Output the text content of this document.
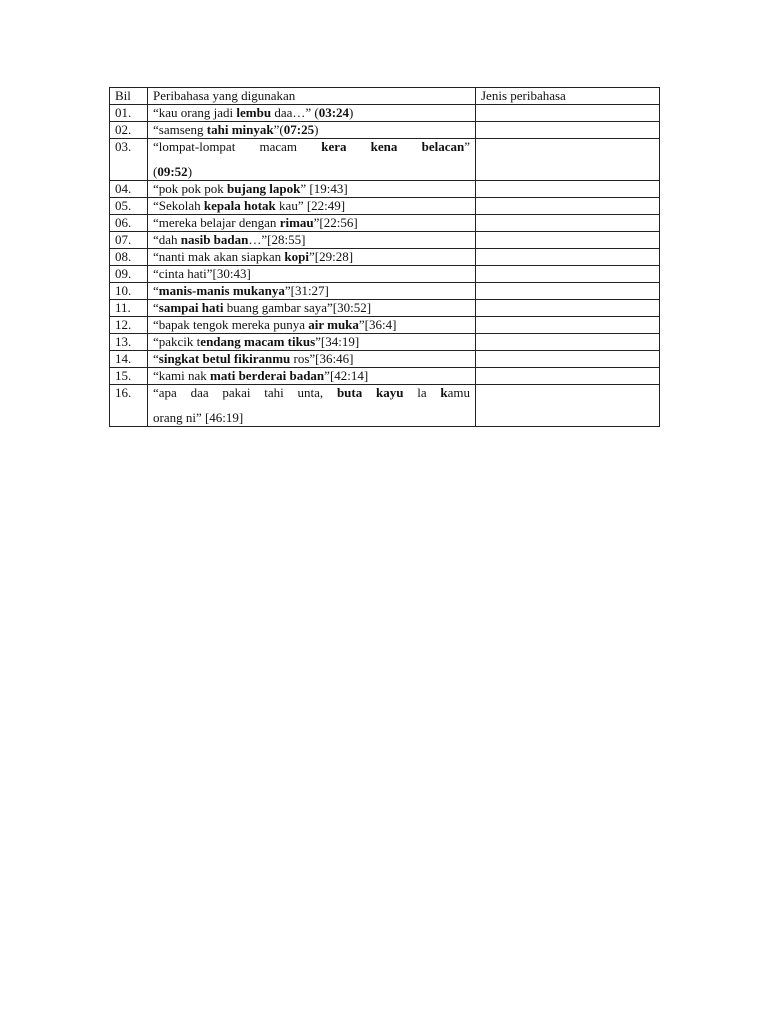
Bil	Peribahasa yang digunakan	Jenis peribahasa
01.	“kau orang jadi lembu daa…” (03:24)	
02.	“samseng tahi minyak”(07:25)	
03.	“lompat-lompat macam kera kena belacan”
(09:52)	

04.	“pok pok pok bujang lapok” [19:43]	
05.	“Sekolah kepala hotak kau” [22:49]	
06.	“mereka belajar dengan rimau”[22:56]	
07.	“dah nasib badan…”[28:55]	
08.	“nanti mak akan siapkan kopi”[29:28]	
09.	“cinta hati”[30:43]	
10.	“manis-manis mukanya”[31:27]	
11.	“sampai hati buang gambar saya”[30:52]	
12.	“bapak tengok mereka punya air muka”[36:4]	
13.	“pakcik tendang macam tikus”[34:19]	
14.	“singkat betul fikiranmu ros”[36:46]	
15.	“kami nak mati berderai badan”[42:14]	
16.	“apa daa pakai tahi unta, buta kayu la kamu
orang ni” [46:19]	
